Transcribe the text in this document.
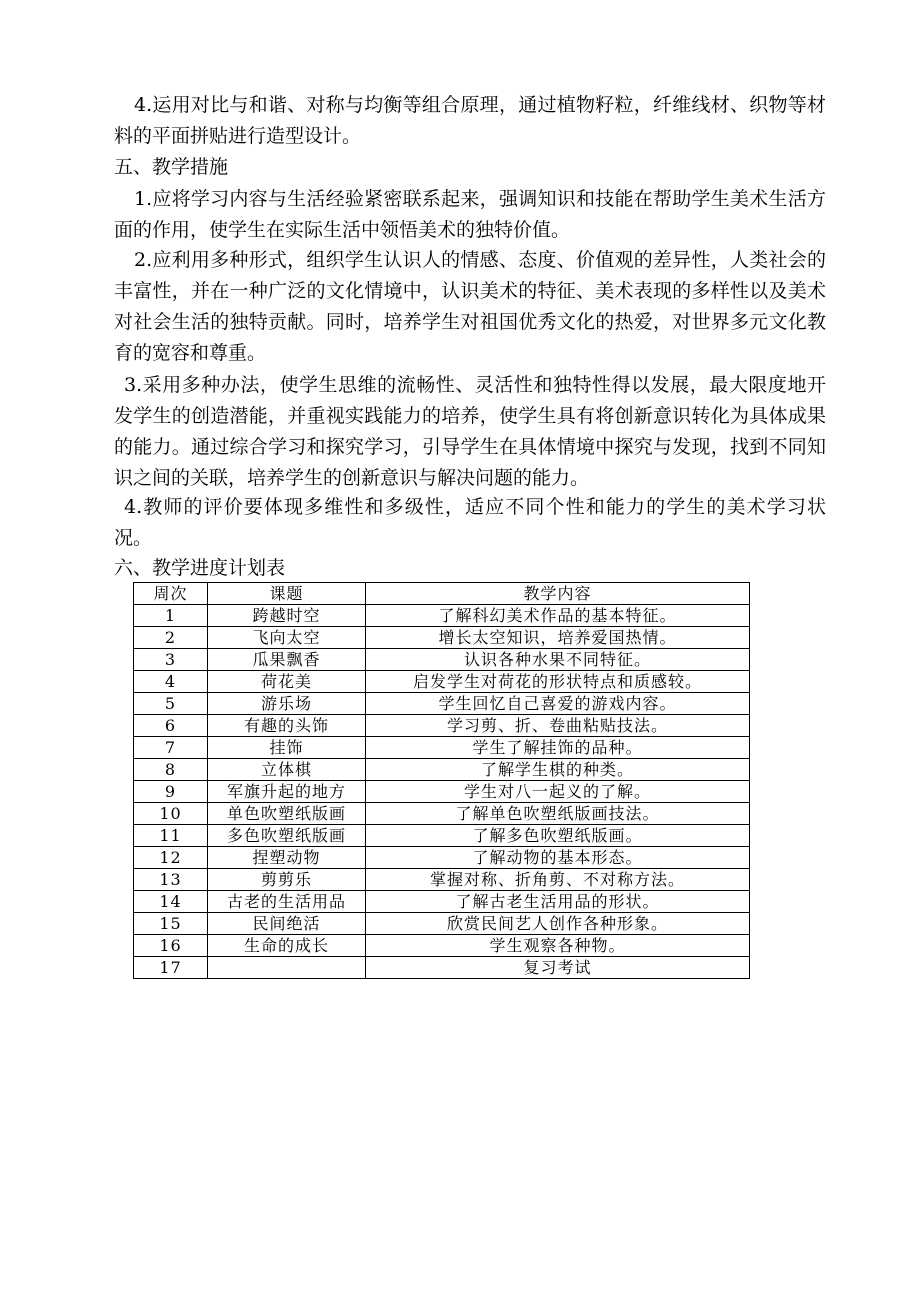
4.运用对比与和谐、对称与均衡等组合原理，通过植物籽粒，纤维线材、织物等材料的平面拼贴进行造型设计。

五、教学措施

1.应将学习内容与生活经验紧密联系起来，强调知识和技能在帮助学生美术生活方面的作用，使学生在实际生活中领悟美术的独特价值。

2.应利用多种形式，组织学生认识人的情感、态度、价值观的差异性，人类社会的丰富性，并在一种广泛的文化情境中，认识美术的特征、美术表现的多样性以及美术对社会生活的独特贡献。同时，培养学生对祖国优秀文化的热爱，对世界多元文化教育的宽容和尊重。

3.采用多种办法，使学生思维的流畅性、灵活性和独特性得以发展，最大限度地开发学生的创造潜能，并重视实践能力的培养，使学生具有将创新意识转化为具体成果的能力。通过综合学习和探究学习，引导学生在具体情境中探究与发现，找到不同知识之间的关联，培养学生的创新意识与解决问题的能力。

4.教师的评价要体现多维性和多级性，适应不同个性和能力的学生的美术学习状况。

六、教学进度计划表

周次	课题	教学内容
1	跨越时空	了解科幻美术作品的基本特征。
2	飞向太空	增长太空知识，培养爱国热情。
3	瓜果飘香	认识各种水果不同特征。
4	荷花美	启发学生对荷花的形状特点和质感较。
5	游乐场	学生回忆自己喜爱的游戏内容。
6	有趣的头饰	学习剪、折、卷曲粘贴技法。
7	挂饰	学生了解挂饰的品种。
8	立体棋	了解学生棋的种类。
9	军旗升起的地方	学生对八一起义的了解。
10	单色吹塑纸版画	了解单色吹塑纸版画技法。
11	多色吹塑纸版画	了解多色吹塑纸版画。
12	捏塑动物	了解动物的基本形态。
13	剪剪乐	掌握对称、折角剪、不对称方法。
14	古老的生活用品	了解古老生活用品的形状。
15	民间绝活	欣赏民间艺人创作各种形象。
16	生命的成长	学生观察各种物。
17		复习考试
